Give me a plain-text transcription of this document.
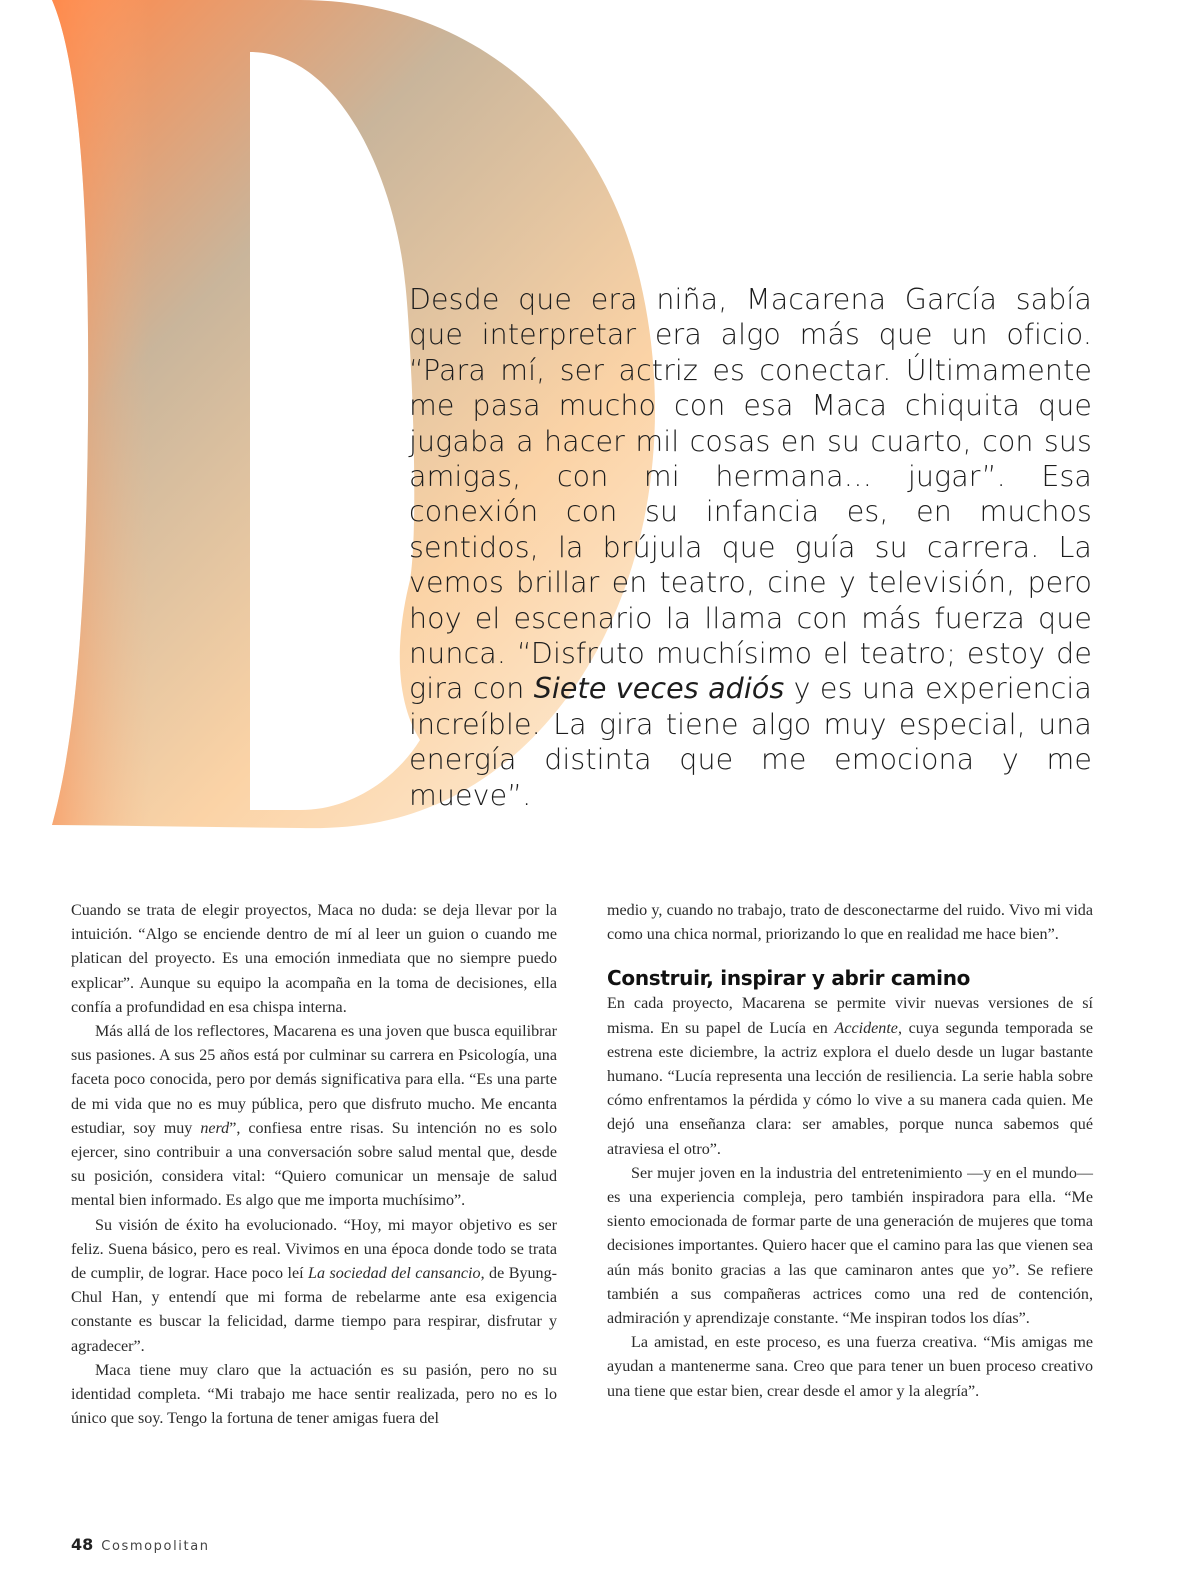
Desde que era niña, Macarena García sabía que interpretar era algo más que un oficio. “Para mí, ser actriz es conectar. Últimamente me pasa mucho con esa Maca chiquita que jugaba a hacer mil cosas en su cuarto, con sus amigas, con mi hermana… jugar”. Esa conexión con su infancia es, en muchos sentidos, la brújula que guía su carrera. La vemos brillar en teatro, cine y televisión, pero hoy el escenario la llama con más fuerza que nunca. “Disfruto muchísimo el teatro; estoy de gira con Siete veces adiós y es una experiencia increíble. La gira tiene algo muy especial, una energía distinta que me emociona y me mueve”.

Cuando se trata de elegir proyectos, Maca no duda: se deja llevar por la intuición. “Algo se enciende dentro de mí al leer un guion o cuando me platican del proyecto. Es una emoción inmediata que no siempre puedo explicar”. Aunque su equipo la acompaña en la toma de decisiones, ella confía a profundidad en esa chispa interna.

Más allá de los reflectores, Macarena es una joven que busca equilibrar sus pasiones. A sus 25 años está por culminar su carrera en Psicología, una faceta poco conocida, pero por demás significativa para ella. “Es una parte de mi vida que no es muy pública, pero que disfruto mucho. Me encanta estudiar, soy muy nerd”, confiesa entre risas. Su intención no es solo ejercer, sino contribuir a una conversación sobre salud mental que, desde su posición, considera vital: “Quiero comunicar un mensaje de salud mental bien informado. Es algo que me importa muchísimo”.

Su visión de éxito ha evolucionado. “Hoy, mi mayor objetivo es ser feliz. Suena básico, pero es real. Vivimos en una época donde todo se trata de cumplir, de lograr. Hace poco leí La sociedad del cansancio, de Byung-Chul Han, y entendí que mi forma de rebelarme ante esa exigencia constante es buscar la felicidad, darme tiempo para respirar, disfrutar y agradecer”.

Maca tiene muy claro que la actuación es su pasión, pero no su identidad completa. “Mi trabajo me hace sentir realizada, pero no es lo único que soy. Tengo la fortuna de tener amigas fuera del

medio y, cuando no trabajo, trato de desconectarme del ruido. Vivo mi vida como una chica normal, priorizando lo que en realidad me hace bien”.

Construir, inspirar y abrir camino

En cada proyecto, Macarena se permite vivir nuevas versiones de sí misma. En su papel de Lucía en Accidente, cuya segunda temporada se estrena este diciembre, la actriz explora el duelo desde un lugar bastante humano. “Lucía representa una lección de resiliencia. La serie habla sobre cómo enfrentamos la pérdida y cómo lo vive a su manera cada quien. Me dejó una enseñanza clara: ser amables, porque nunca sabemos qué atraviesa el otro”.

Ser mujer joven en la industria del entretenimiento —y en el mundo— es una experiencia compleja, pero también inspiradora para ella. “Me siento emocionada de formar parte de una generación de mujeres que toma decisiones importantes. Quiero hacer que el camino para las que vienen sea aún más bonito gracias a las que caminaron antes que yo”. Se refiere también a sus compañeras actrices como una red de contención, admiración y aprendizaje constante. “Me inspiran todos los días”.

La amistad, en este proceso, es una fuerza creativa. “Mis amigas me ayudan a mantenerme sana. Creo que para tener un buen proceso creativo una tiene que estar bien, crear desde el amor y la alegría”.

48 Cosmopolitan
